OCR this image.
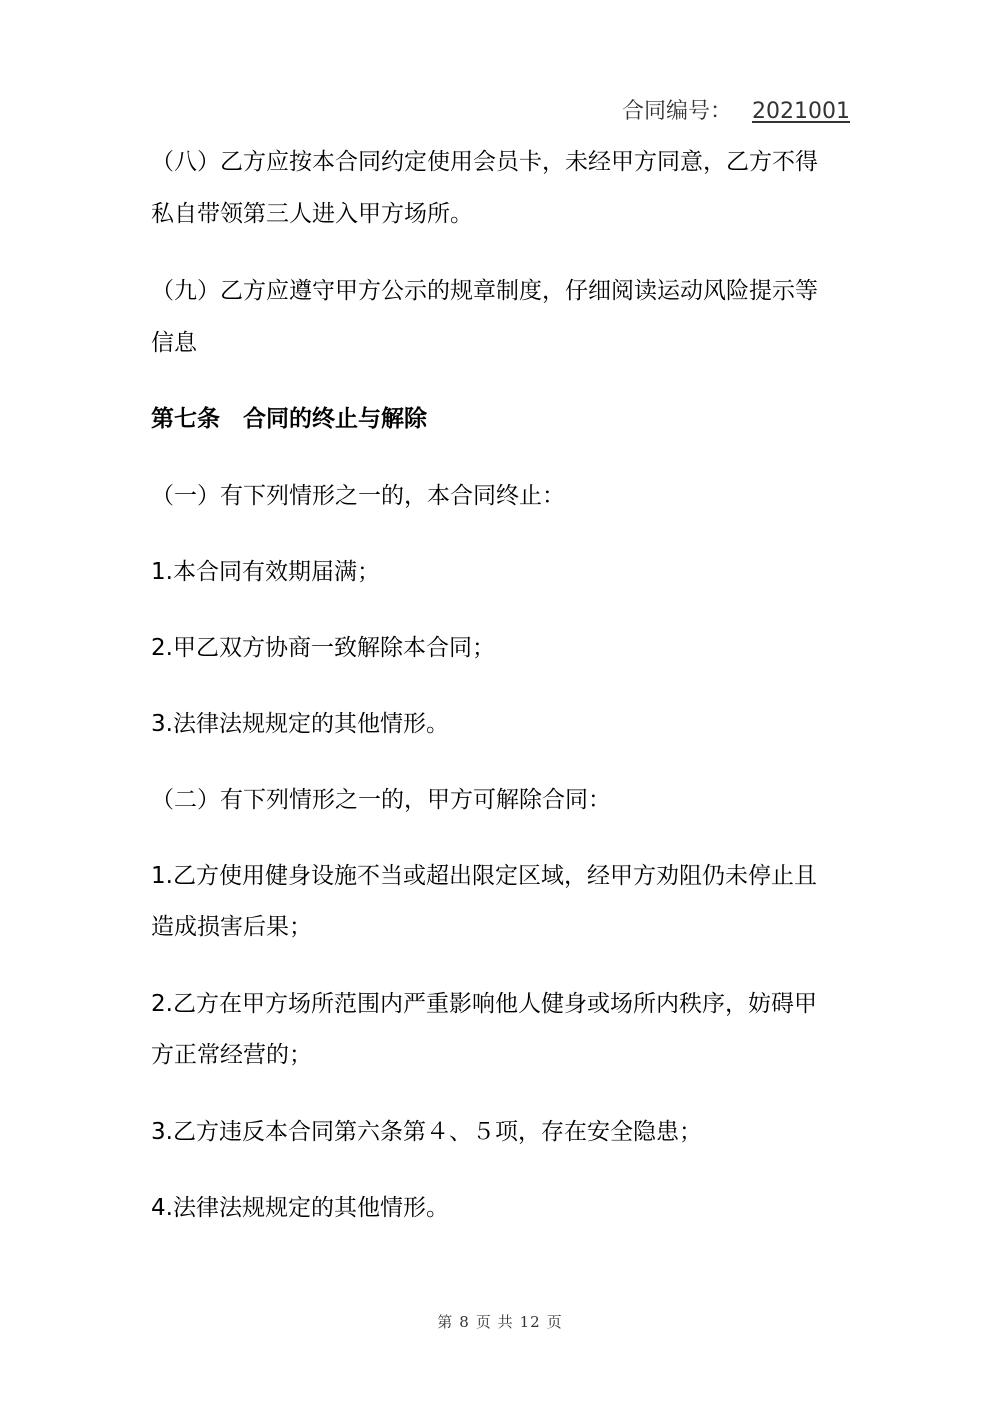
合同编号： 2021001
（八）乙方应按本合同约定使用会员卡，未经甲方同意，乙方不得
私自带领第三人进入甲方场所。
（九）乙方应遵守甲方公示的规章制度，仔细阅读运动风险提示等
信息
第七条　合同的终止与解除
（一）有下列情形之一的，本合同终止：
1.本合同有效期届满；
2.甲乙双方协商一致解除本合同；
3.法律法规规定的其他情形。
（二）有下列情形之一的，甲方可解除合同：
1.乙方使用健身设施不当或超出限定区域，经甲方劝阻仍未停止且
造成损害后果；
2.乙方在甲方场所范围内严重影响他人健身或场所内秩序，妨碍甲
方正常经营的；
3.乙方违反本合同第六条第４、５项，存在安全隐患；
4.法律法规规定的其他情形。
第 8 页 共 12 页
